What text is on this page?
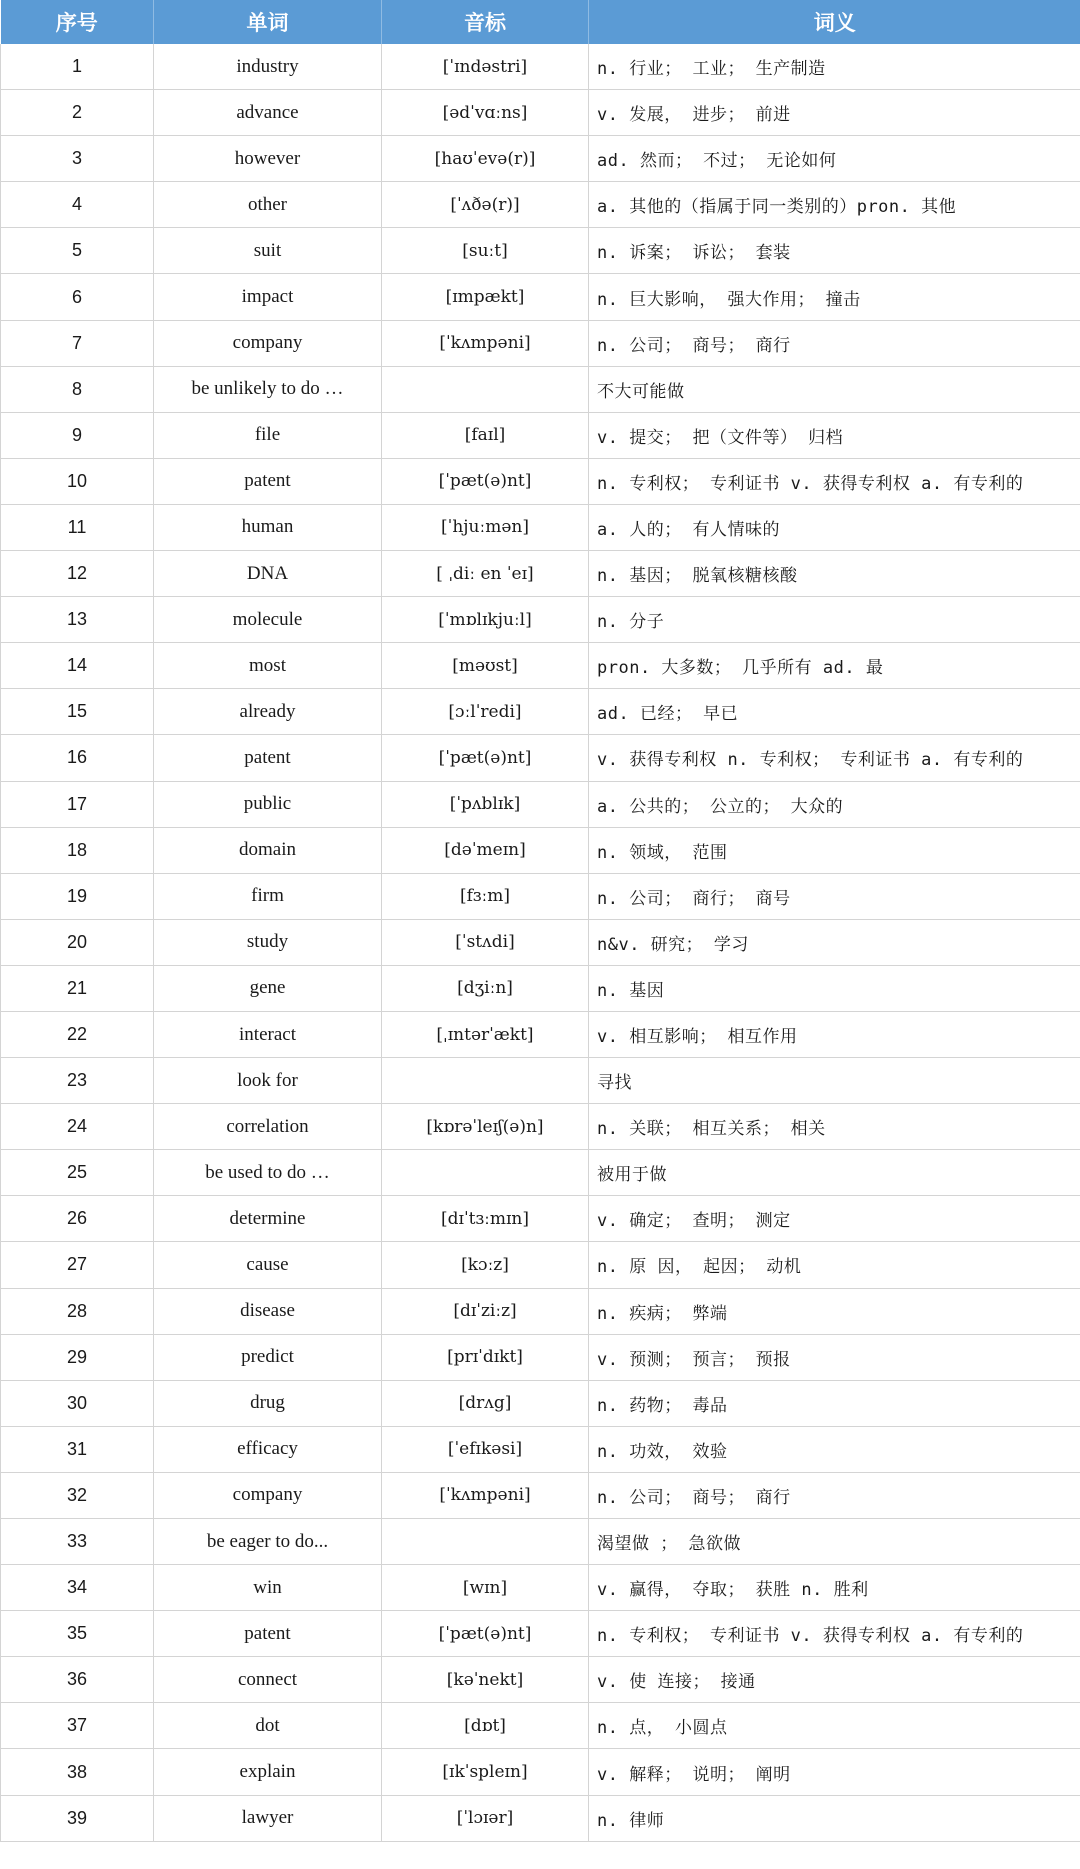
序号	单词	音标	词义
1	industry	[ˈɪndəstri]	n. 行业； 工业； 生产制造
2	advance	[ədˈvɑːns]	v. 发展， 进步； 前进
3	however	[haʊˈevə(r)]	ad. 然而； 不过； 无论如何
4	other	[ˈʌðə(r)]	a. 其他的（指属于同一类别的）pron. 其他
5	suit	[suːt]	n. 诉案； 诉讼； 套装
6	impact	[ɪmpækt]	n. 巨大影响， 强大作用； 撞击
7	company	[ˈkʌmpəni]	n. 公司； 商号； 商行
8	be unlikely to do …		不大可能做
9	file	[faɪl]	v. 提交； 把（文件等） 归档
10	patent	[ˈpæt(ə)nt]	n. 专利权； 专利证书 v. 获得专利权 a. 有专利的
11	human	[ˈhjuːmən]	a. 人的； 有人情味的
12	DNA	[ ˌdiː en ˈeɪ]	n. 基因； 脱氧核糖核酸
13	molecule	[ˈmɒlɪkjuːl]	n. 分子
14	most	[məʊst]	pron. 大多数； 几乎所有 ad. 最
15	already	[ɔːlˈredi]	ad. 已经； 早已
16	patent	[ˈpæt(ə)nt]	v. 获得专利权 n. 专利权； 专利证书 a. 有专利的
17	public	[ˈpʌblɪk]	a. 公共的； 公立的； 大众的
18	domain	[dəˈmeɪn]	n. 领域， 范围
19	firm	[fɜːm]	n. 公司； 商行； 商号
20	study	[ˈstʌdi]	n&v. 研究； 学习
21	gene	[dʒiːn]	n. 基因
22	interact	[ˌɪntərˈækt]	v. 相互影响； 相互作用
23	look for		寻找
24	correlation	[kɒrəˈleɪʃ(ə)n]	n. 关联； 相互关系； 相关
25	be used to do …		被用于做
26	determine	[dɪˈtɜːmɪn]	v. 确定； 查明； 测定
27	cause	[kɔːz]	n. 原 因， 起因； 动机
28	disease	[dɪˈziːz]	n. 疾病； 弊端
29	predict	[prɪˈdɪkt]	v. 预测； 预言； 预报
30	drug	[drʌg]	n. 药物； 毒品
31	efficacy	[ˈefɪkəsi]	n. 功效， 效验
32	company	[ˈkʌmpəni]	n. 公司； 商号； 商行
33	be eager to do...		渴望做 ； 急欲做
34	win	[wɪn]	v. 赢得， 夺取； 获胜 n. 胜利
35	patent	[ˈpæt(ə)nt]	n. 专利权； 专利证书 v. 获得专利权 a. 有专利的
36	connect	[kəˈnekt]	v. 使 连接； 接通
37	dot	[dɒt]	n. 点， 小圆点
38	explain	[ɪkˈspleɪn]	v. 解释； 说明； 阐明
39	lawyer	[ˈlɔɪər]	n. 律师
